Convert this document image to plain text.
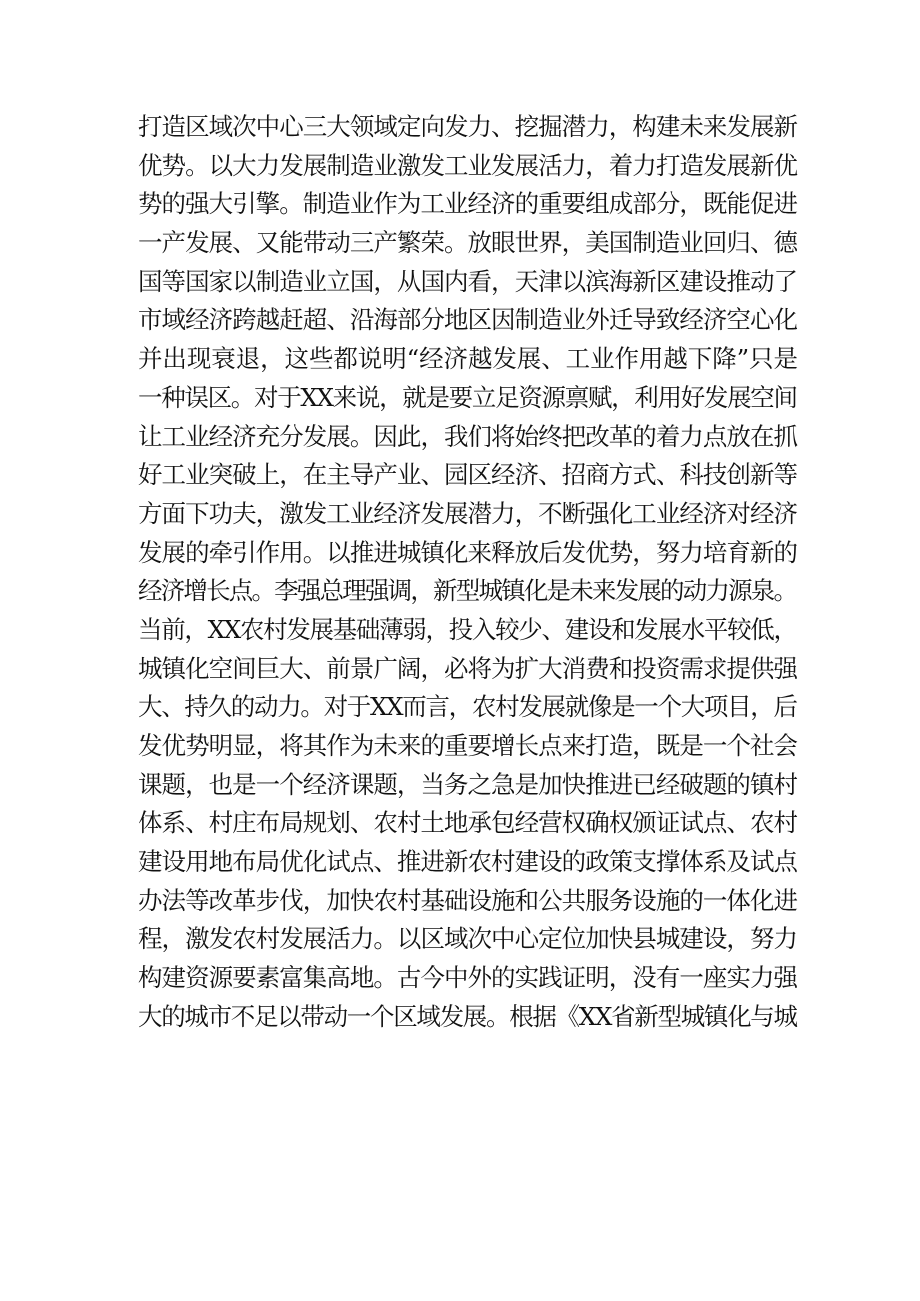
打造区域次中心三大领域定向发力、挖掘潜力，构建未来发展新
优势。以大力发展制造业激发工业发展活力，着力打造发展新优
势的强大引擎。制造业作为工业经济的重要组成部分，既能促进
一产发展、又能带动三产繁荣。放眼世界，美国制造业回归、德
国等国家以制造业立国，从国内看，天津以滨海新区建设推动了
市域经济跨越赶超、沿海部分地区因制造业外迁导致经济空心化
并出现衰退，这些都说明“经济越发展、工业作用越下降”只是
一种误区。对于XX来说，就是要立足资源禀赋，利用好发展空间
让工业经济充分发展。因此，我们将始终把改革的着力点放在抓
好工业突破上，在主导产业、园区经济、招商方式、科技创新等
方面下功夫，激发工业经济发展潜力，不断强化工业经济对经济
发展的牵引作用。以推进城镇化来释放后发优势，努力培育新的
经济增长点。李强总理强调，新型城镇化是未来发展的动力源泉。
当前，XX农村发展基础薄弱，投入较少、建设和发展水平较低，
城镇化空间巨大、前景广阔，必将为扩大消费和投资需求提供强
大、持久的动力。对于XX而言，农村发展就像是一个大项目，后
发优势明显，将其作为未来的重要增长点来打造，既是一个社会
课题，也是一个经济课题，当务之急是加快推进已经破题的镇村
体系、村庄布局规划、农村土地承包经营权确权颁证试点、农村
建设用地布局优化试点、推进新农村建设的政策支撑体系及试点
办法等改革步伐，加快农村基础设施和公共服务设施的一体化进
程，激发农村发展活力。以区域次中心定位加快县城建设，努力
构建资源要素富集高地。古今中外的实践证明，没有一座实力强
大的城市不足以带动一个区域发展。根据《XX省新型城镇化与城
